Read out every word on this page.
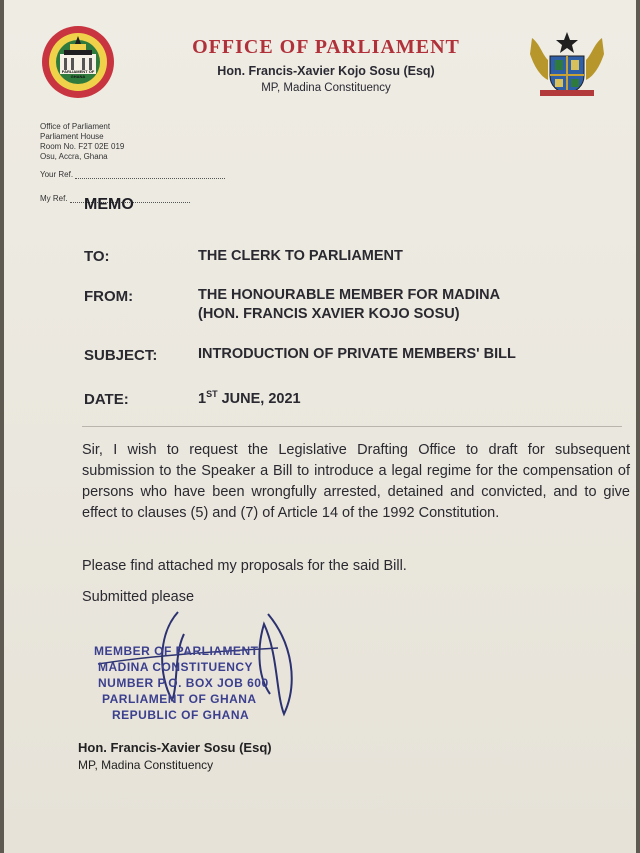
PARLIAMENT OF GHANA
OFFICE OF PARLIAMENT
Hon. Francis-Xavier Kojo Sosu (Esq)
MP, Madina Constituency
Office of Parliament
Parliament House
Room No. F2T 02E 019
Osu, Accra, Ghana
Your Ref.
My Ref.	MEMO
TO:	THE CLERK TO PARLIAMENT
FROM:	THE HONOURABLE MEMBER FOR MADINA
(HON. FRANCIS XAVIER KOJO SOSU)
SUBJECT:	INTRODUCTION OF PRIVATE MEMBERS' BILL
DATE:	1ST JUNE, 2021
Sir, I wish to request the Legislative Drafting Office to draft for subsequent submission to the Speaker a Bill to introduce a legal regime for the compensation of persons who have been wrongfully arrested, detained and convicted, and to give effect to clauses (5) and (7) of Article 14 of the 1992 Constitution.
Please find attached my proposals for the said Bill.
Submitted please
MEMBER OF PARLIAMENT
MADINA CONSTITUENCY
NUMBER P.O. BOX JOB 600
PARLIAMENT OF GHANA
REPUBLIC OF GHANA
Hon. Francis-Xavier Sosu (Esq)
MP, Madina Constituency
